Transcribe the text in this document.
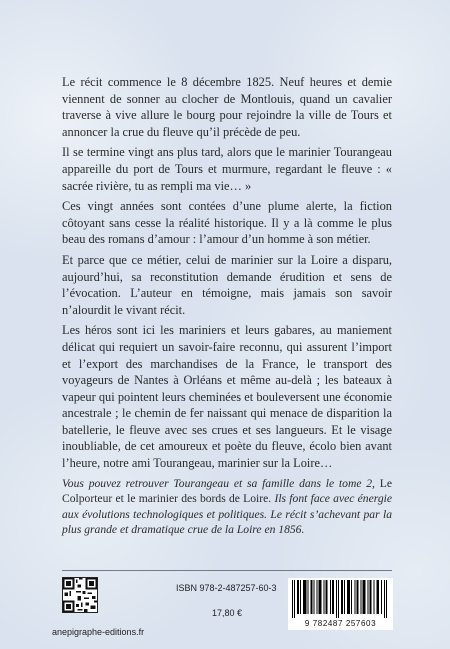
Le récit commence le 8 décembre 1825. Neuf heures et demie viennent de sonner au clocher de Montlouis, quand un cavalier traverse à vive allure le bourg pour rejoindre la ville de Tours et annoncer la crue du fleuve qu’il précède de peu.

Il se termine vingt ans plus tard, alors que le marinier Tourangeau appareille du port de Tours et murmure, regardant le fleuve : « sacrée rivière, tu as rempli ma vie… »

Ces vingt années sont contées d’une plume alerte, la fiction côtoyant sans cesse la réalité historique. Il y a là comme le plus beau des romans d’amour : l’amour d’un homme à son métier.

Et parce que ce métier, celui de marinier sur la Loire a disparu, aujourd’hui, sa reconstitution demande érudition et sens de l’évocation. L’auteur en témoigne, mais jamais son savoir n’alourdit le vivant récit.

Les héros sont ici les mariniers et leurs gabares, au maniement délicat qui requiert un savoir-faire reconnu, qui assurent l’import et l’export des marchandises de la France, le transport des voyageurs de Nantes à Orléans et même au-delà ; les bateaux à vapeur qui pointent leurs cheminées et bouleversent une économie ancestrale ; le chemin de fer naissant qui menace de disparition la batellerie, le fleuve avec ses crues et ses langueurs. Et le visage inoubliable, de cet amoureux et poète du fleuve, écolo bien avant l’heure, notre ami Tourangeau, marinier sur la Loire…

Vous pouvez retrouver Tourangeau et sa famille dans le tome 2, Le Colporteur et le marinier des bords de Loire. Ils font face avec énergie aux évolutions technologiques et politiques. Le récit s’achevant par la plus grande et dramatique crue de la Loire en 1856.

anepigraphe-editions.fr
ISBN 978-2-487257-60-3
17,80 €
9 782487 257603
